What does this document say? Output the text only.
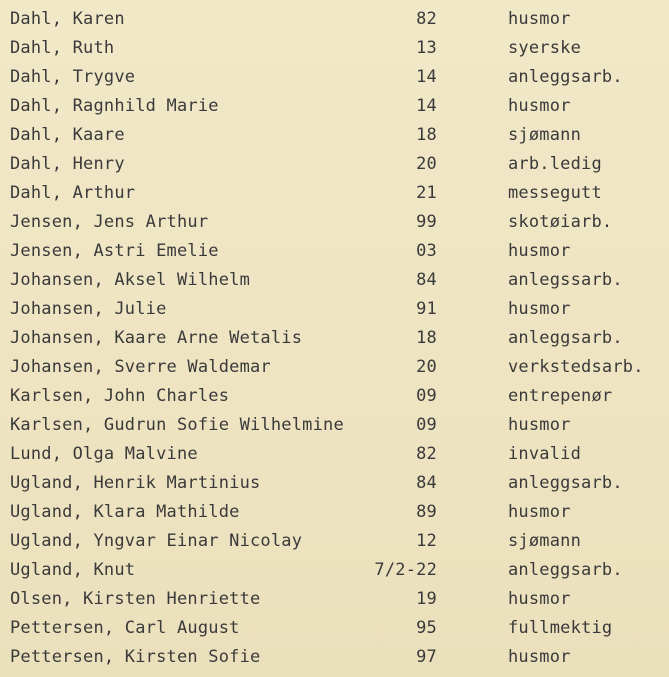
Dahl, Karen	82	husmor
Dahl, Ruth	13	syerske
Dahl, Trygve	14	anleggsarb.
Dahl, Ragnhild Marie	14	husmor
Dahl, Kaare	18	sjømann
Dahl, Henry	20	arb.ledig
Dahl, Arthur	21	messegutt
Jensen, Jens Arthur	99	skotøiarb.
Jensen, Astri Emelie	03	husmor
Johansen, Aksel Wilhelm	84	anlegssarb.
Johansen, Julie	91	husmor
Johansen, Kaare Arne Wetalis	18	anleggsarb.
Johansen, Sverre Waldemar	20	verkstedsarb.
Karlsen, John Charles	09	entrepenør
Karlsen, Gudrun Sofie Wilhelmine	09	husmor
Lund, Olga Malvine	82	invalid
Ugland, Henrik Martinius	84	anleggsarb.
Ugland, Klara Mathilde	89	husmor
Ugland, Yngvar Einar Nicolay	12	sjømann
Ugland, Knut	7/2-22	anleggsarb.
Olsen, Kirsten Henriette	19	husmor
Pettersen, Carl August	95	fullmektig
Pettersen, Kirsten Sofie	97	husmor
